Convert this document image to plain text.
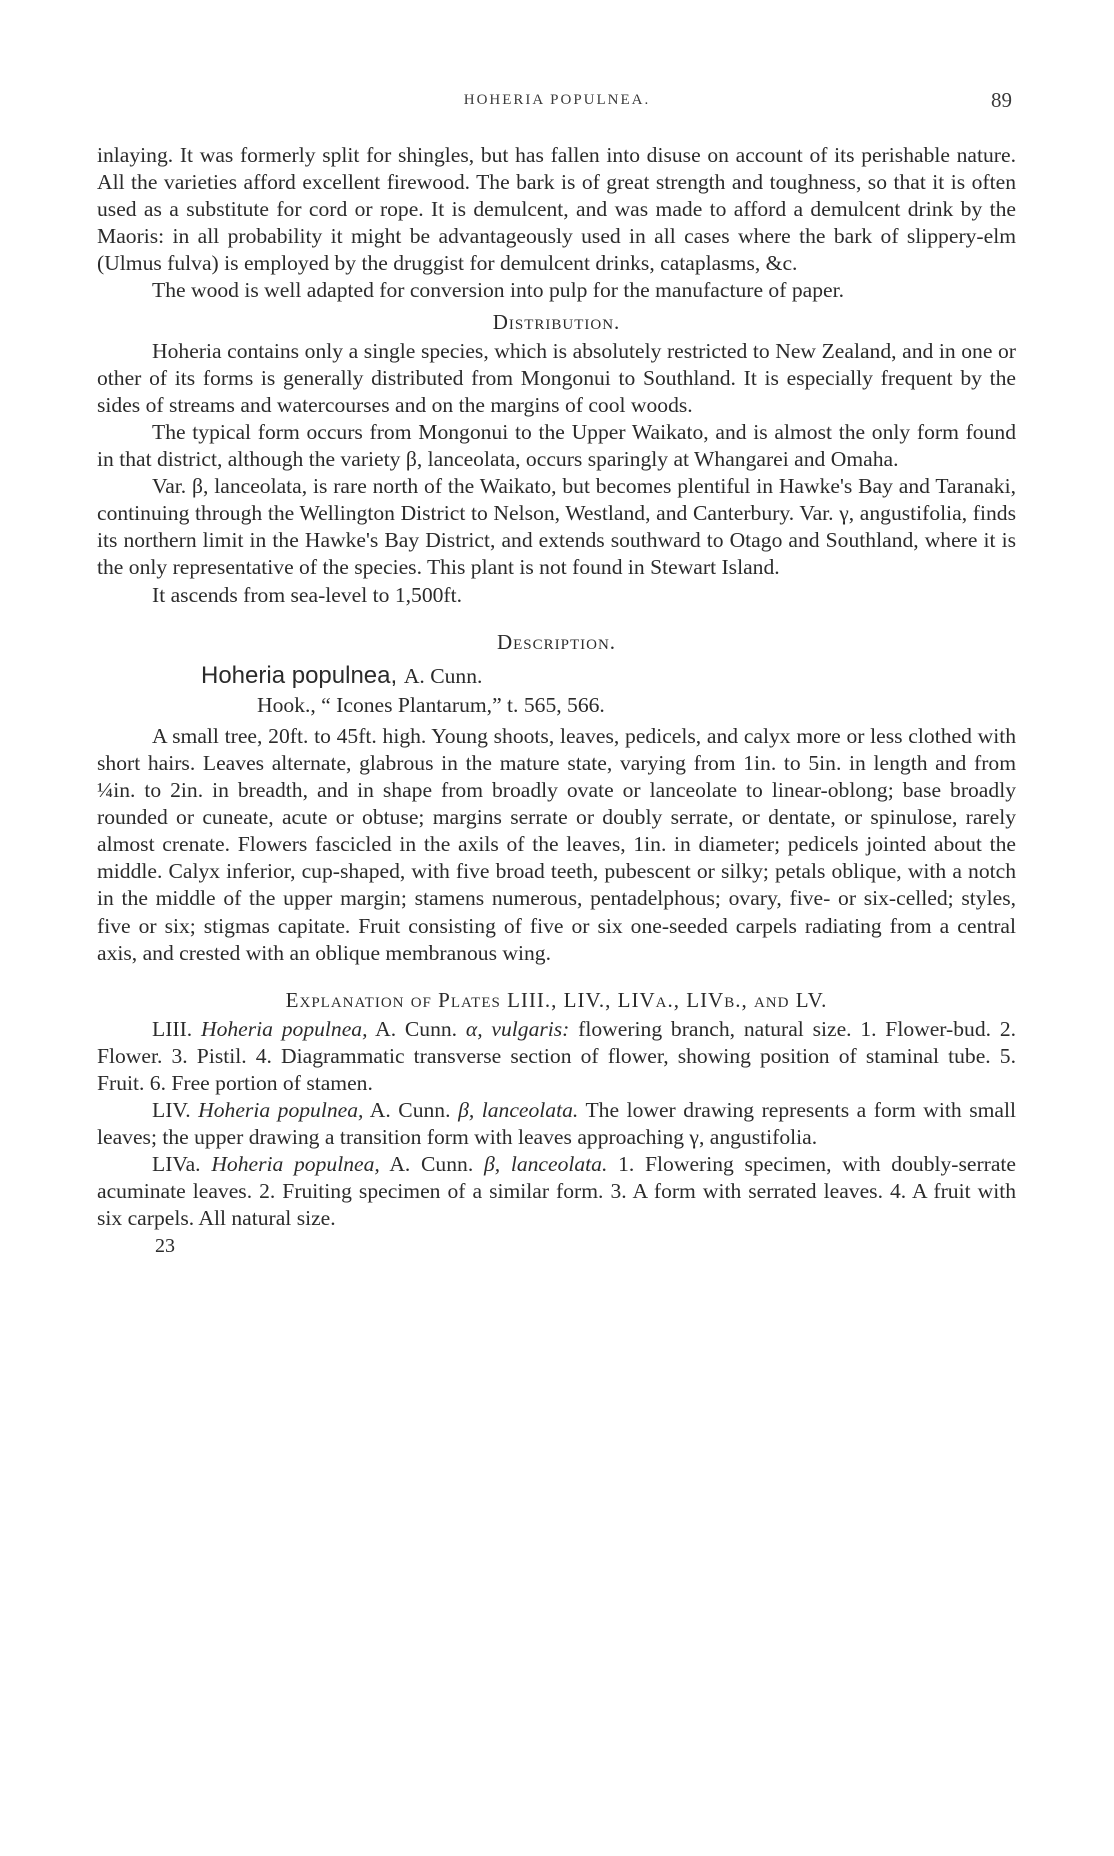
HOHERIA POPULNEA.	89

inlaying. It was formerly split for shingles, but has fallen into disuse on account of its perishable nature. All the varieties afford excellent firewood. The bark is of great strength and toughness, so that it is often used as a substitute for cord or rope. It is demulcent, and was made to afford a demulcent drink by the Maoris: in all probability it might be advantageously used in all cases where the bark of slippery-elm (Ulmus fulva) is employed by the druggist for demulcent drinks, cataplasms, &c.

The wood is well adapted for conversion into pulp for the manufacture of paper.

Distribution.

Hoheria contains only a single species, which is absolutely restricted to New Zealand, and in one or other of its forms is generally distributed from Mongonui to Southland. It is especially frequent by the sides of streams and watercourses and on the margins of cool woods.

The typical form occurs from Mongonui to the Upper Waikato, and is almost the only form found in that district, although the variety β, lanceolata, occurs sparingly at Whangarei and Omaha.

Var. β, lanceolata, is rare north of the Waikato, but becomes plentiful in Hawke's Bay and Taranaki, continuing through the Wellington District to Nelson, Westland, and Canterbury. Var. γ, angustifolia, finds its northern limit in the Hawke's Bay District, and extends southward to Otago and Southland, where it is the only representative of the species. This plant is not found in Stewart Island.

It ascends from sea-level to 1,500ft.

Description.
Hoheria populnea, A. Cunn.
Hook., “ Icones Plantarum,” t. 565, 566.

A small tree, 20ft. to 45ft. high. Young shoots, leaves, pedicels, and calyx more or less clothed with short hairs. Leaves alternate, glabrous in the mature state, varying from 1in. to 5in. in length and from ¼in. to 2in. in breadth, and in shape from broadly ovate or lanceolate to linear-oblong; base broadly rounded or cuneate, acute or obtuse; margins serrate or doubly serrate, or dentate, or spinulose, rarely almost crenate. Flowers fascicled in the axils of the leaves, 1in. in diameter; pedicels jointed about the middle. Calyx inferior, cup-shaped, with five broad teeth, pubescent or silky; petals oblique, with a notch in the middle of the upper margin; stamens numerous, pentadelphous; ovary, five- or six-celled; styles, five or six; stigmas capitate. Fruit consisting of five or six one-seeded carpels radiating from a central axis, and crested with an oblique membranous wing.

Explanation of Plates LIII., LIV., LIVa., LIVb., and LV.

LIII. Hoheria populnea, A. Cunn. α, vulgaris: flowering branch, natural size. 1. Flower-bud. 2. Flower. 3. Pistil. 4. Diagrammatic transverse section of flower, showing position of staminal tube. 5. Fruit. 6. Free portion of stamen.

LIV. Hoheria populnea, A. Cunn. β, lanceolata. The lower drawing represents a form with small leaves; the upper drawing a transition form with leaves approaching γ, angustifolia.

LIVa. Hoheria populnea, A. Cunn. β, lanceolata. 1. Flowering specimen, with doubly-serrate acuminate leaves. 2. Fruiting specimen of a similar form. 3. A form with serrated leaves. 4. A fruit with six carpels. All natural size.

23
